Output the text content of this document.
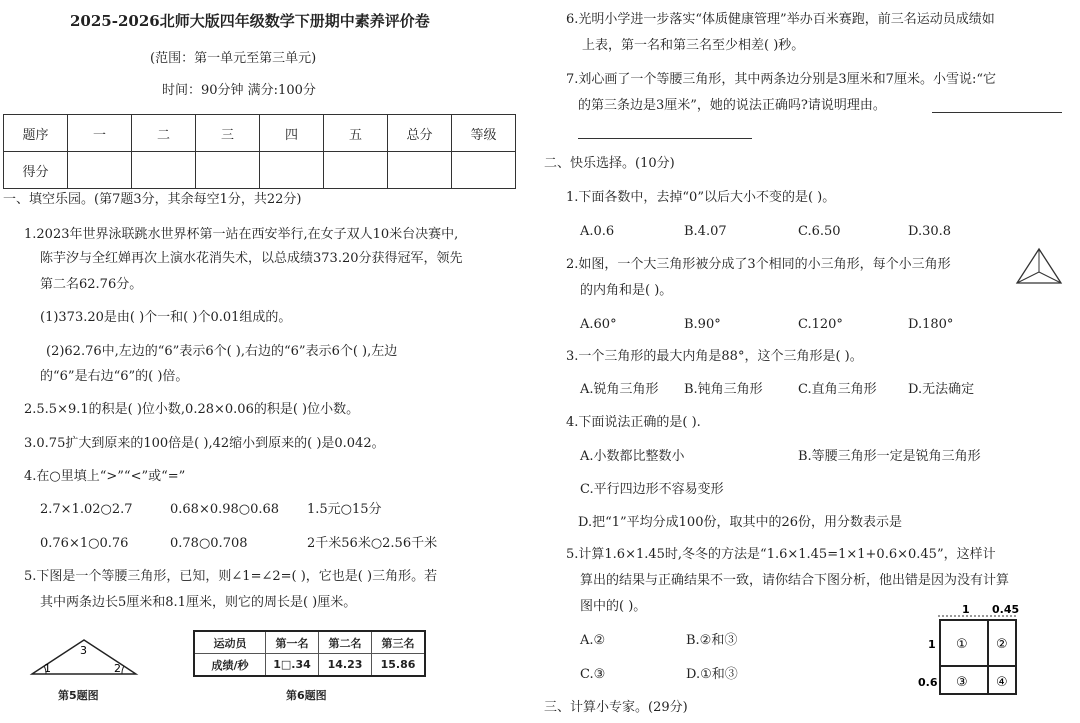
2025-2026北师大版四年级数学下册期中素养评价卷
(范围：第一单元至第三单元)
时间：90分钟 满分:100分
题序	一	二	三	四	五	总分	等级
得分							
一、填空乐园。(第7题3分，其余每空1分，共22分)
1.2023年世界泳联跳水世界杯第一站在西安举行,在女子双人10米台决赛中,
陈芋汐与全红婵再次上演水花消失术，以总成绩373.20分获得冠军，领先
第二名62.76分。
(1)373.20是由( )个一和( )个0.01组成的。
(2)62.76中,左边的“6”表示6个( ),右边的“6”表示6个( ),左边
的“6”是右边“6”的( )倍。
2.5.5×9.1的积是( )位小数,0.28×0.06的积是( )位小数。
3.0.75扩大到原来的100倍是( ),42缩小到原来的( )是0.042。
4.在○里填上“>”“<”或“=”
2.7×1.02○2.7	0.68×0.98○0.68 1.5元○15分
0.76×1○0.76	0.78○0.708	2千米56米○2.56千米
5.下图是一个等腰三角形，已知，则∠1=∠2=( )，它也是( )三角形。若
其中两条边长5厘米和8.1厘米，则它的周长是( )厘米。
3
1	2
第5题图
运动员	第一名	第二名	第三名
成绩/秒	1□.34	14.23	15.86
第6题图
6.光明小学进一步落实“体质健康管理”举办百米赛跑，前三名运动员成绩如
上表，第一名和第三名至少相差( )秒。
7.刘心画了一个等腰三角形，其中两条边分别是3厘米和7厘米。小雪说:“它
的第三条边是3厘米”，她的说法正确吗?请说明理由。
二、快乐选择。(10分)
1.下面各数中，去掉“0”以后大小不变的是( )。
A.0.6	B.4.07	C.6.50	D.30.8
2.如图，一个大三角形被分成了3个相同的小三角形，每个小三角形
的内角和是( )。
A.60°	B.90°	C.120°	D.180°
3.一个三角形的最大内角是88°，这个三角形是( )。
A.锐角三角形 B.钝角三角形	C.直角三角形 D.无法确定
4.下面说法正确的是( ).
A.小数都比整数小	B.等腰三角形一定是锐角三角形
C.平行四边形不容易变形
D.把“1”平均分成100份，取其中的26份，用分数表示是
5.计算1.6×1.45时,冬冬的方法是“1.6×1.45=1×1+0.6×0.45”，这样计
算出的结果与正确结果不一致，请你结合下图分析，他出错是因为没有计算
图中的( )。
A.②	B.②和③
C.③	D.①和③
1 0.45
1
0.6
① ②
③ ④
三、计算小专家。(29分)
